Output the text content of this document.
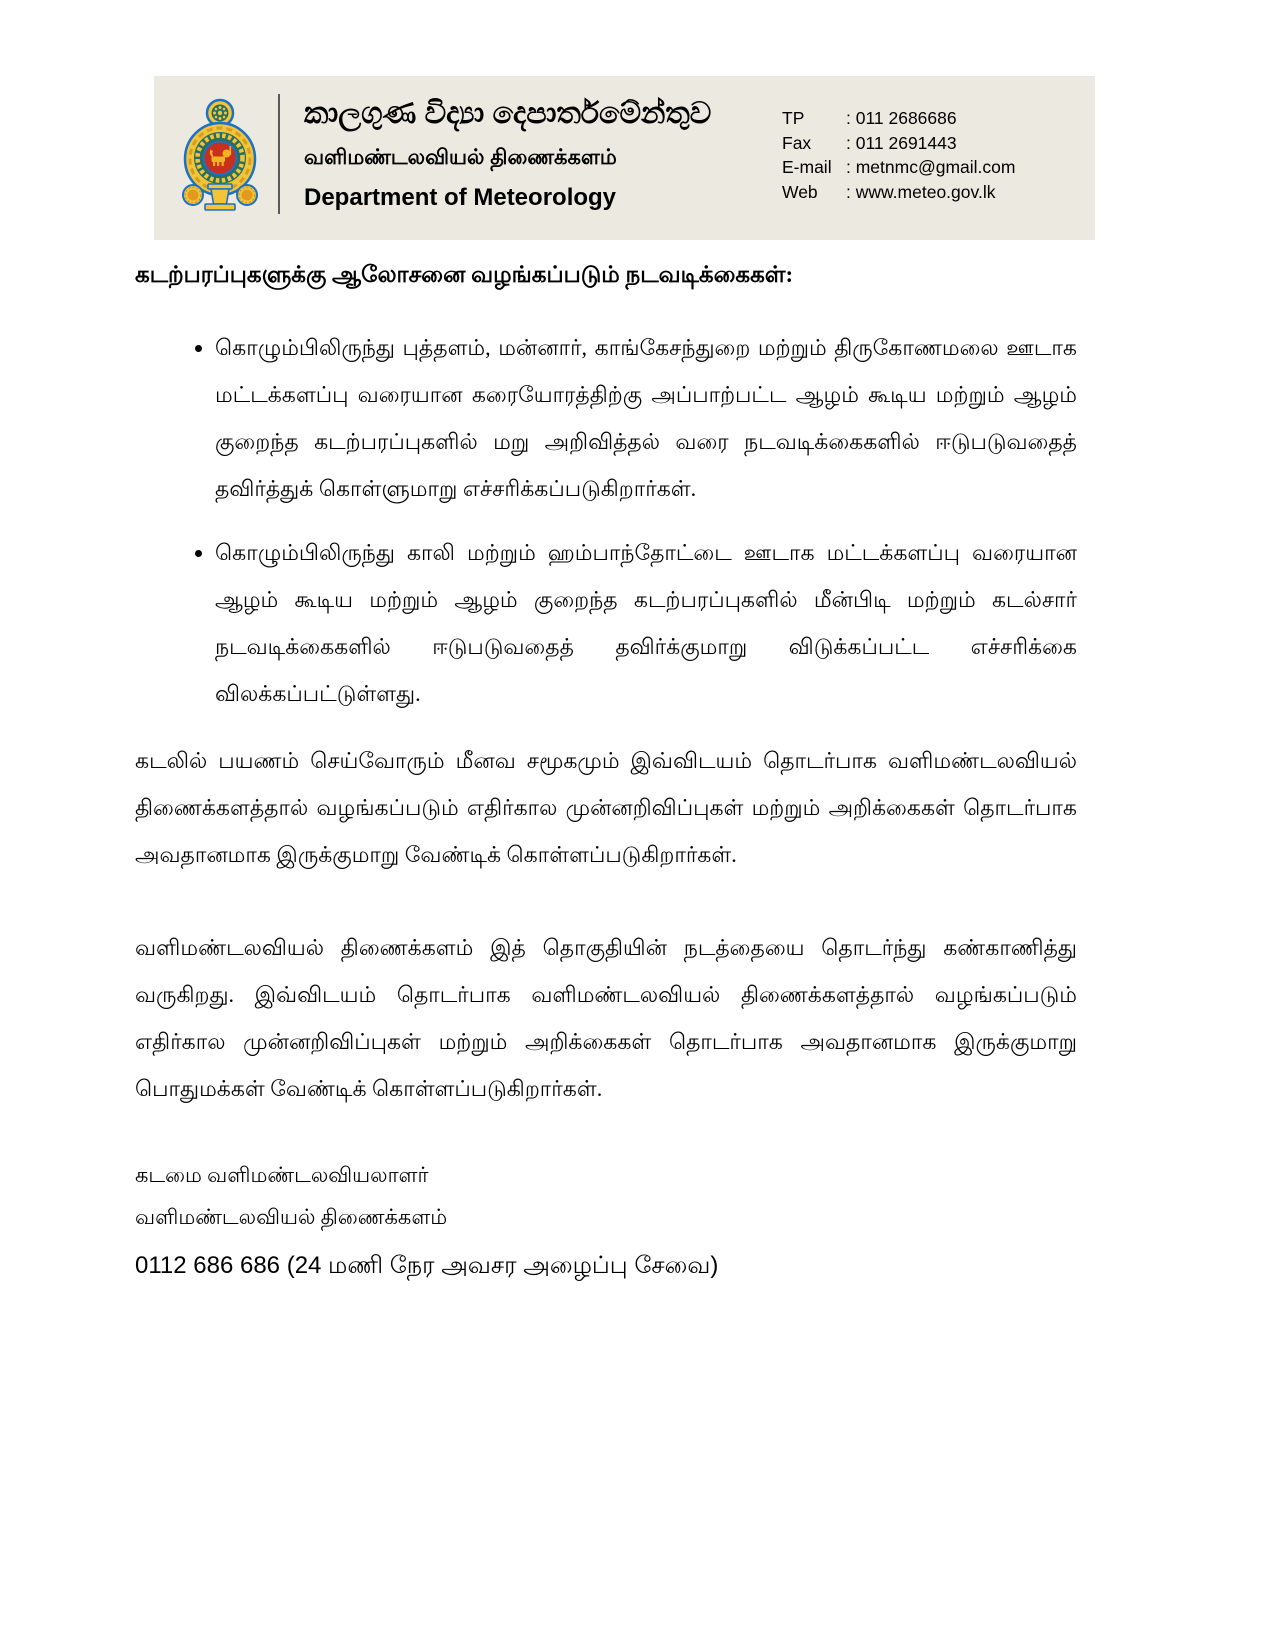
කාලගුණ විද්‍යා දෙපාර්තමේන්තුව
வளிமண்டலவியல் திணைக்களம்
Department of Meteorology
TP	: 011 2686686
Fax	: 011 2691443
E-mail : metnmc@gmail.com
Web	: www.meteo.gov.lk
கடற்பரப்புகளுக்கு ஆலோசனை வழங்கப்படும் நடவடிக்கைகள்:
• கொழும்பிலிருந்து புத்தளம், மன்னார், காங்கேசந்துறை மற்றும் திருகோணமலை ஊடாக மட்டக்களப்பு வரையான கரையோரத்திற்கு அப்பாற்பட்ட ஆழம் கூடிய மற்றும் ஆழம் குறைந்த கடற்பரப்புகளில் மறு அறிவித்தல் வரை நடவடிக்கைகளில் ஈடுபடுவதைத் தவிர்த்துக் கொள்ளுமாறு எச்சரிக்கப்படுகிறார்கள்.
• கொழும்பிலிருந்து காலி மற்றும் ஹம்பாந்தோட்டை ஊடாக மட்டக்களப்பு வரையான ஆழம் கூடிய மற்றும் ஆழம் குறைந்த கடற்பரப்புகளில் மீன்பிடி மற்றும் கடல்சார் நடவடிக்கைகளில் ஈடுபடுவதைத் தவிர்க்குமாறு விடுக்கப்பட்ட எச்சரிக்கை விலக்கப்பட்டுள்ளது.

கடலில் பயணம் செய்வோரும் மீனவ சமூகமும் இவ்விடயம் தொடர்பாக வளிமண்டலவியல் திணைக்களத்தால் வழங்கப்படும் எதிர்கால முன்னறிவிப்புகள் மற்றும் அறிக்கைகள் தொடர்பாக அவதானமாக இருக்குமாறு வேண்டிக் கொள்ளப்படுகிறார்கள்.

வளிமண்டலவியல் திணைக்களம் இத் தொகுதியின் நடத்தையை தொடர்ந்து கண்காணித்து வருகிறது. இவ்விடயம் தொடர்பாக வளிமண்டலவியல் திணைக்களத்தால் வழங்கப்படும் எதிர்கால முன்னறிவிப்புகள் மற்றும் அறிக்கைகள் தொடர்பாக அவதானமாக இருக்குமாறு பொதுமக்கள் வேண்டிக் கொள்ளப்படுகிறார்கள்.

கடமை வளிமண்டலவியலாளர்
வளிமண்டலவியல் திணைக்களம்
0112 686 686 (24 மணி நேர அவசர அழைப்பு சேவை)
